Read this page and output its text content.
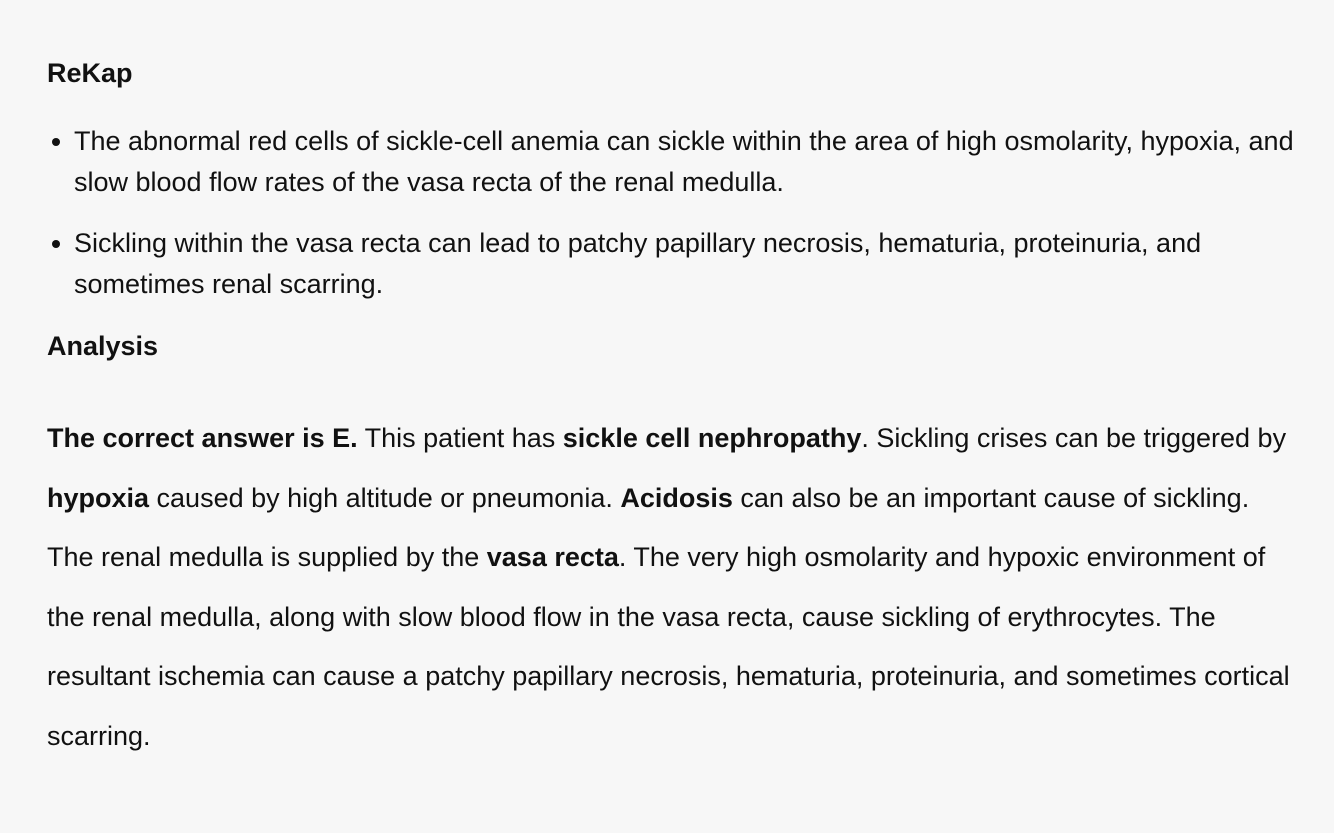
ReKap
The abnormal red cells of sickle-cell anemia can sickle within the area of high osmolarity, hypoxia, and slow blood flow rates of the vasa recta of the renal medulla.
Sickling within the vasa recta can lead to patchy papillary necrosis, hematuria, proteinuria, and sometimes renal scarring.
Analysis

The correct answer is E. This patient has sickle cell nephropathy. Sickling crises can be triggered by hypoxia caused by high altitude or pneumonia. Acidosis can also be an important cause of sickling. The renal medulla is supplied by the vasa recta. The very high osmolarity and hypoxic environment of the renal medulla, along with slow blood flow in the vasa recta, cause sickling of erythrocytes. The resultant ischemia can cause a patchy papillary necrosis, hematuria, proteinuria, and sometimes cortical scarring.
